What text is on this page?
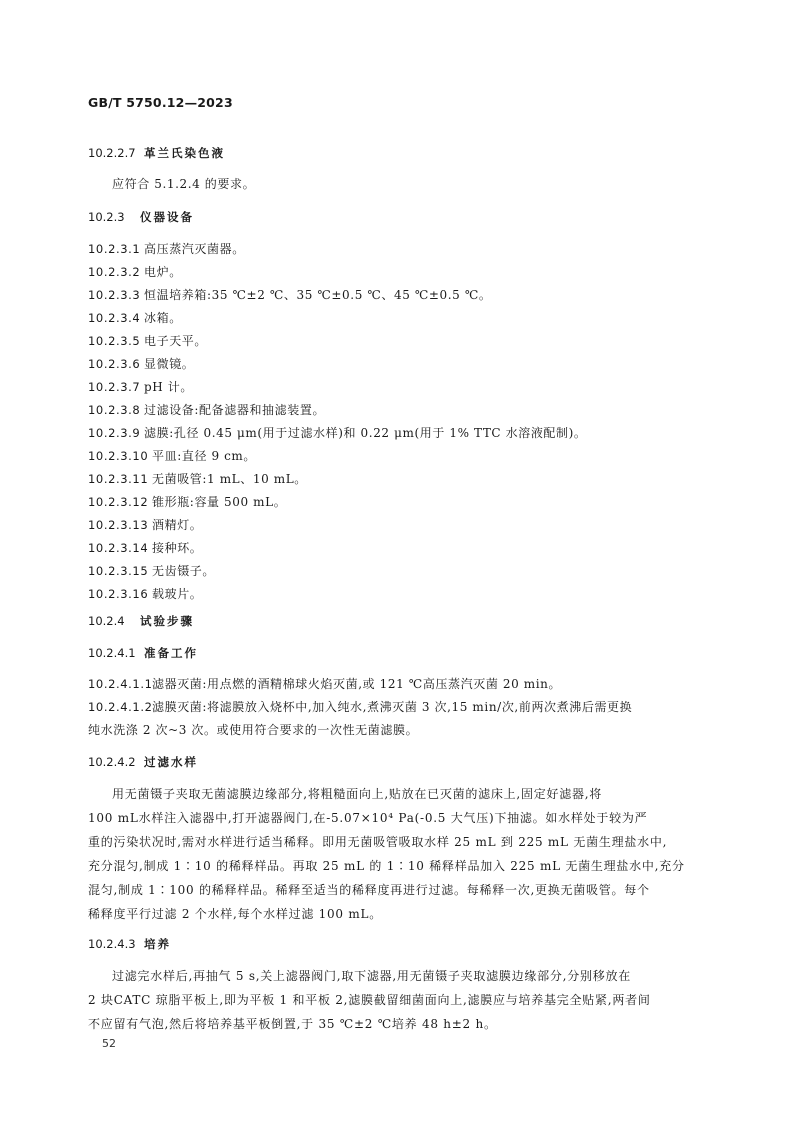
GB/T 5750.12—2023
10.2.2.7 革兰氏染色液
应符合 5.1.2.4 的要求。
10.2.3 仪器设备
10.2.3.1 高压蒸汽灭菌器。
10.2.3.2 电炉。
10.2.3.3 恒温培养箱:35 ℃±2 ℃、35 ℃±0.5 ℃、45 ℃±0.5 ℃。
10.2.3.4 冰箱。
10.2.3.5 电子天平。
10.2.3.6 显微镜。
10.2.3.7 pH 计。
10.2.3.8 过滤设备:配备滤器和抽滤装置。
10.2.3.9 滤膜:孔径 0.45 μm(用于过滤水样)和 0.22 μm(用于 1% TTC 水溶液配制)。
10.2.3.10 平皿:直径 9 cm。
10.2.3.11 无菌吸管:1 mL、10 mL。
10.2.3.12 锥形瓶:容量 500 mL。
10.2.3.13 酒精灯。
10.2.3.14 接种环。
10.2.3.15 无齿镊子。
10.2.3.16 载玻片。
10.2.4 试验步骤
10.2.4.1 准备工作
10.2.4.1.1滤器灭菌:用点燃的酒精棉球火焰灭菌,或 121 ℃高压蒸汽灭菌 20 min。
10.2.4.1.2滤膜灭菌:将滤膜放入烧杯中,加入纯水,煮沸灭菌 3 次,15 min/次,前两次煮沸后需更换
纯水洗涤 2 次~3 次。或使用符合要求的一次性无菌滤膜。
10.2.4.2 过滤水样
用无菌镊子夹取无菌滤膜边缘部分,将粗糙面向上,贴放在已灭菌的滤床上,固定好滤器,将
100 mL水样注入滤器中,打开滤器阀门,在-5.07×10⁴ Pa(-0.5 大气压)下抽滤。如水样处于较为严
重的污染状况时,需对水样进行适当稀释。即用无菌吸管吸取水样 25 mL 到 225 mL 无菌生理盐水中,
充分混匀,制成 1∶10 的稀释样品。再取 25 mL 的 1∶10 稀释样品加入 225 mL 无菌生理盐水中,充分
混匀,制成 1∶100 的稀释样品。稀释至适当的稀释度再进行过滤。每稀释一次,更换无菌吸管。每个
稀释度平行过滤 2 个水样,每个水样过滤 100 mL。
10.2.4.3 培养
过滤完水样后,再抽气 5 s,关上滤器阀门,取下滤器,用无菌镊子夹取滤膜边缘部分,分别移放在
2 块CATC 琼脂平板上,即为平板 1 和平板 2,滤膜截留细菌面向上,滤膜应与培养基完全贴紧,两者间
不应留有气泡,然后将培养基平板倒置,于 35 ℃±2 ℃培养 48 h±2 h。
52
